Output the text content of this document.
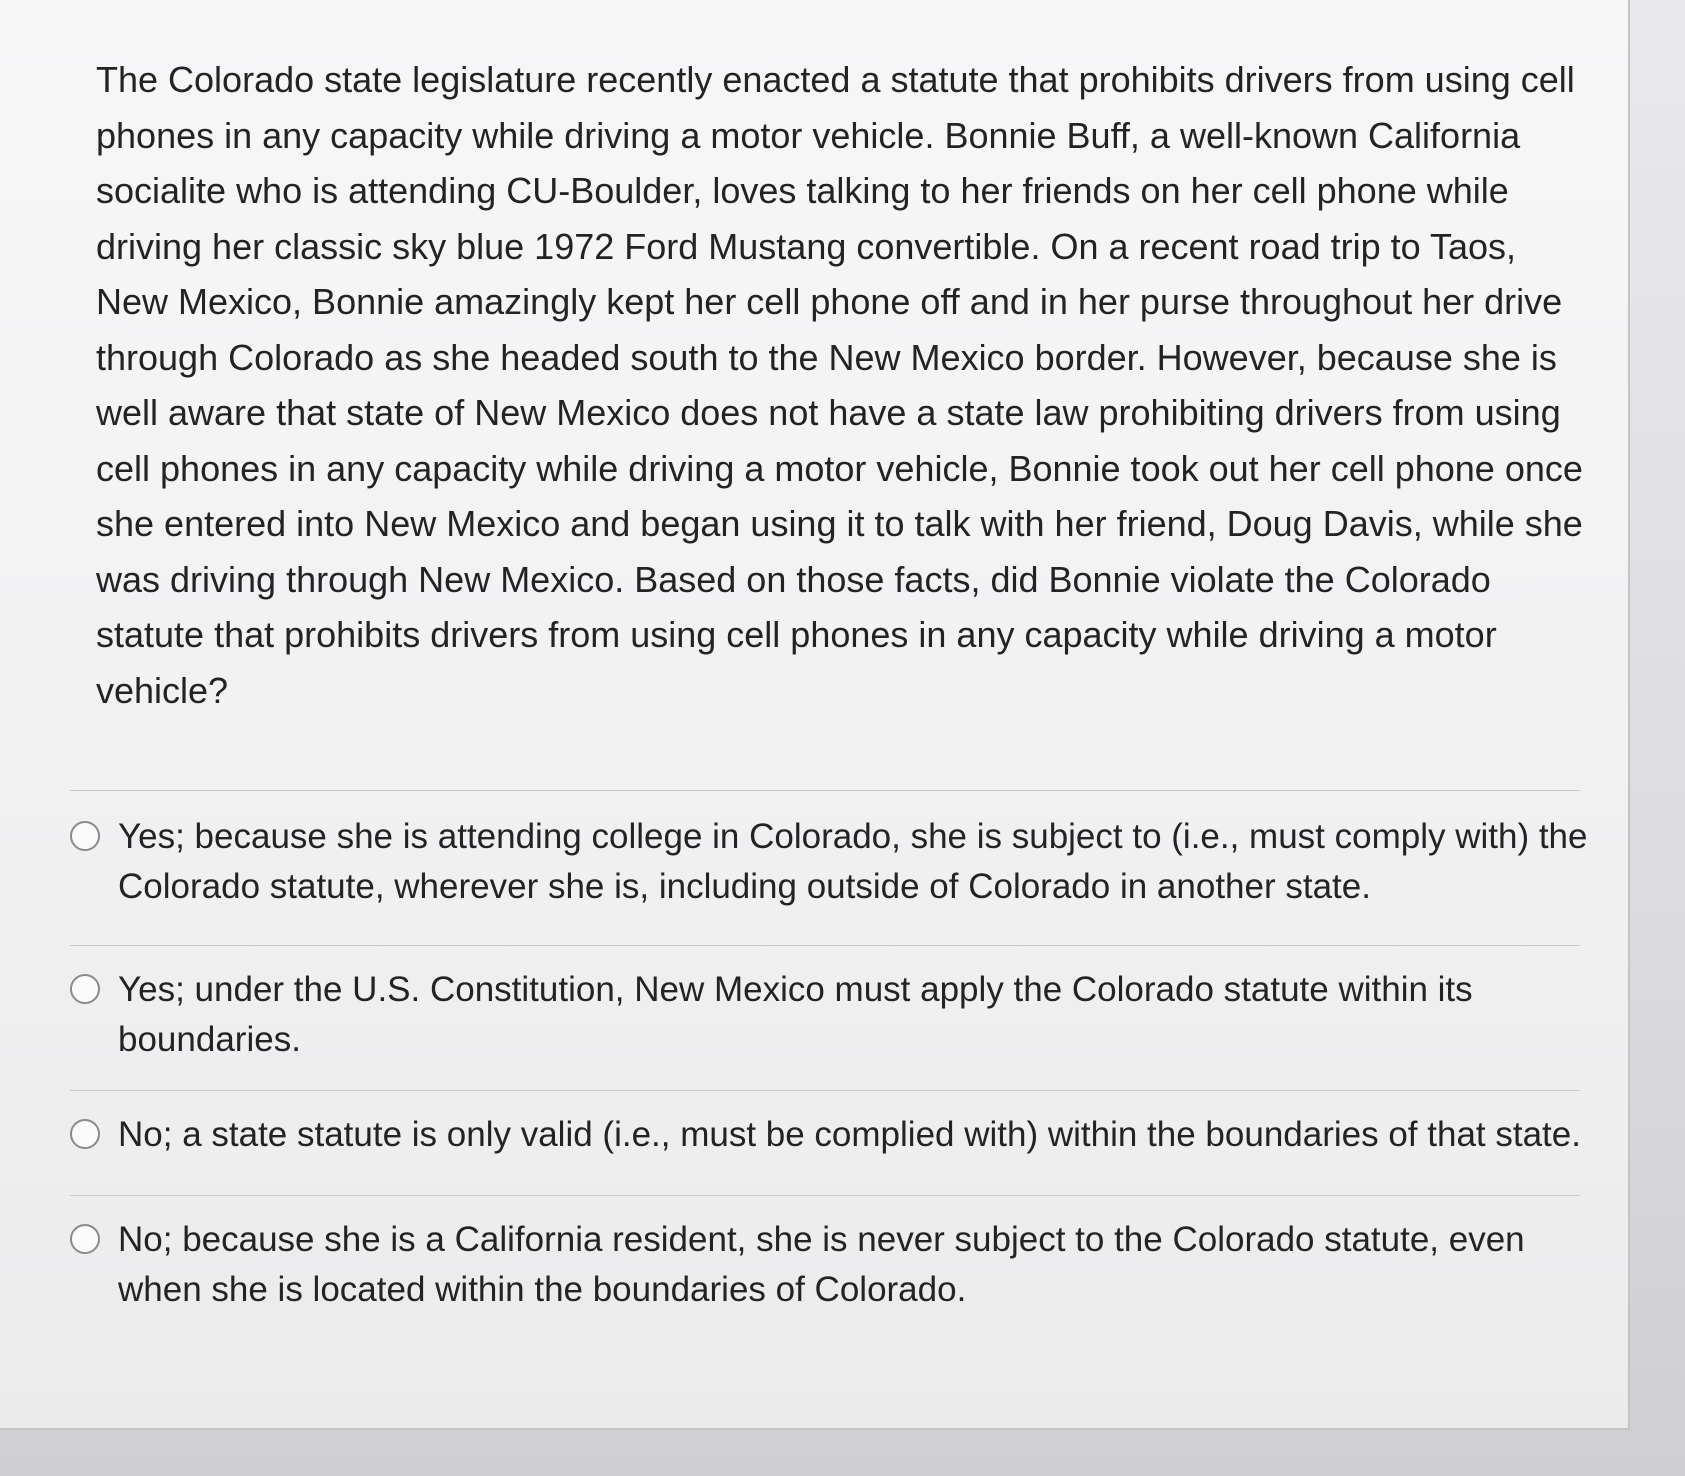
The Colorado state legislature recently enacted a statute that prohibits drivers from using cell phones in any capacity while driving a motor vehicle. Bonnie Buff, a well-known California socialite who is attending CU-Boulder, loves talking to her friends on her cell phone while driving her classic sky blue 1972 Ford Mustang convertible. On a recent road trip to Taos, New Mexico, Bonnie amazingly kept her cell phone off and in her purse throughout her drive through Colorado as she headed south to the New Mexico border. However, because she is well aware that state of New Mexico does not have a state law prohibiting drivers from using cell phones in any capacity while driving a motor vehicle, Bonnie took out her cell phone once she entered into New Mexico and began using it to talk with her friend, Doug Davis, while she was driving through New Mexico. Based on those facts, did Bonnie violate the Colorado statute that prohibits drivers from using cell phones in any capacity while driving a motor vehicle?

Yes; because she is attending college in Colorado, she is subject to (i.e., must comply with) the Colorado statute, wherever she is, including outside of Colorado in another state.
Yes; under the U.S. Constitution, New Mexico must apply the Colorado statute within its boundaries.
No; a state statute is only valid (i.e., must be complied with) within the boundaries of that state.
No; because she is a California resident, she is never subject to the Colorado statute, even when she is located within the boundaries of Colorado.
